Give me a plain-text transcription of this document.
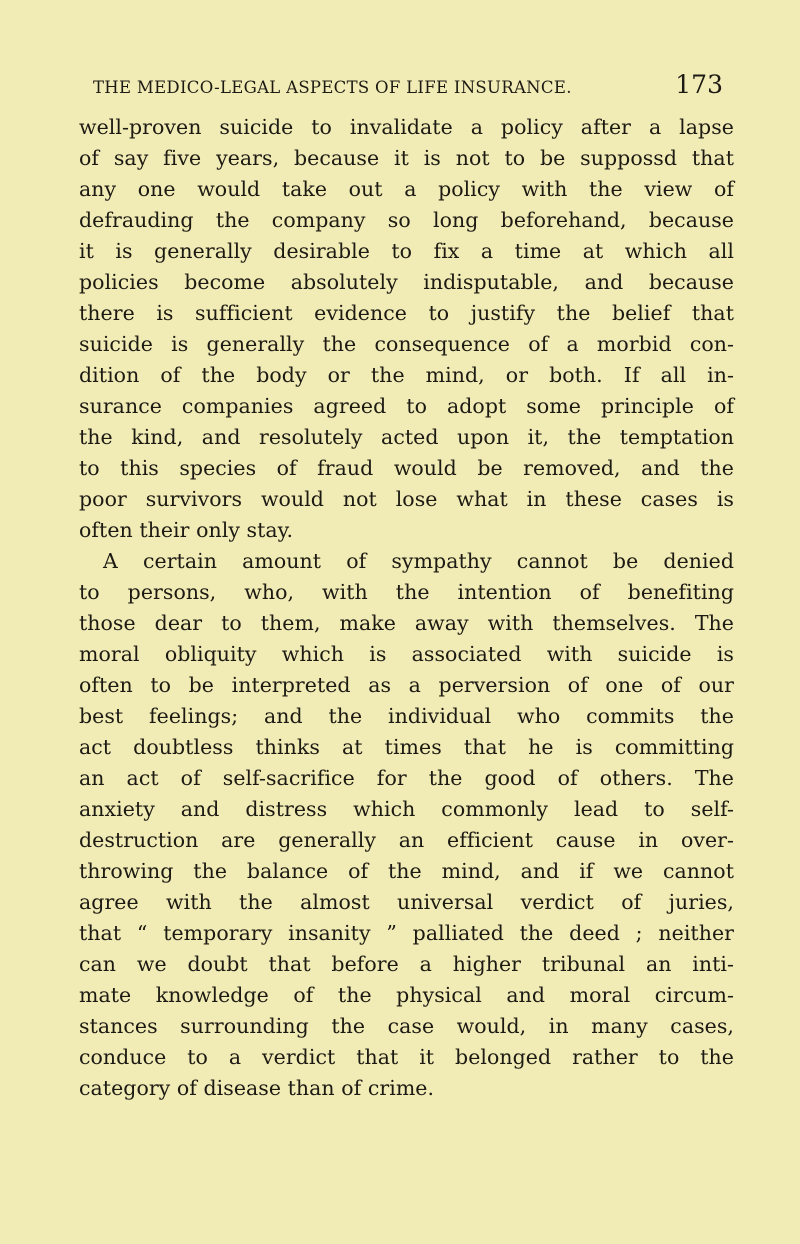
THE MEDICO-LEGAL ASPECTS OF LIFE INSURANCE.	173
well-proven suicide to invalidate a policy after a lapse
of say five years, because it is not to be suppossd that
any one would take out a policy with the view of
defrauding the company so long beforehand, because
it is generally desirable to fix a time at which all
policies become absolutely indisputable, and because
there is sufficient evidence to justify the belief that
suicide is generally the consequence of a morbid con-
dition of the body or the mind, or both. If all in-
surance companies agreed to adopt some principle of
the kind, and resolutely acted upon it, the temptation
to this species of fraud would be removed, and the
poor survivors would not lose what in these cases is
often their only stay.
A certain amount of sympathy cannot be denied
to persons, who, with the intention of benefiting
those dear to them, make away with themselves. The
moral obliquity which is associated with suicide is
often to be interpreted as a perversion of one of our
best feelings; and the individual who commits the
act doubtless thinks at times that he is committing
an act of self-sacrifice for the good of others. The
anxiety and distress which commonly lead to self-
destruction are generally an efficient cause in over-
throwing the balance of the mind, and if we cannot
agree with the almost universal verdict of juries,
that “ temporary insanity ” palliated the deed ; neither
can we doubt that before a higher tribunal an inti-
mate knowledge of the physical and moral circum-
stances surrounding the case would, in many cases,
conduce to a verdict that it belonged rather to the
category of disease than of crime.
